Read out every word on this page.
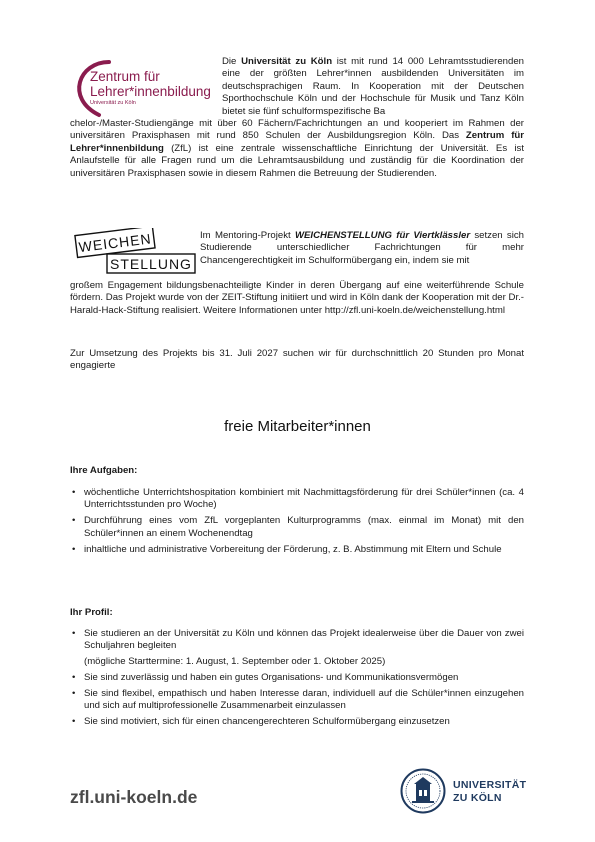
Zentrum für
Lehrer*innenbildung
Universität zu Köln

Die Universität zu Köln ist mit rund 14 000 Lehramtsstudierenden eine der größten Lehrer*innen ausbildenden Universitäten im deutschsprachigen Raum. In Kooperation mit der Deutschen Sporthochschule Köln und der Hochschule für Musik und Tanz Köln bietet sie fünf schulformspezifische Ba

chelor-/Master-Studiengänge mit über 60 Fächern/Fachrichtungen an und kooperiert im Rahmen der universitären Praxisphasen mit rund 850 Schulen der Ausbildungsregion Köln. Das Zentrum für Lehrer*innenbildung (ZfL) ist eine zentrale wissenschaftliche Einrichtung der Universität. Es ist Anlaufstelle für alle Fragen rund um die Lehramtsausbildung und zuständig für die Koordination der universitären Praxisphasen sowie in diesem Rahmen die Betreuung der Studierenden.

WEICHEN
STELLUNG

Im Mentoring-Projekt WEICHENSTELLUNG für Viertklässler setzen sich Studierende unterschiedlicher Fachrichtungen für mehr Chancengerechtigkeit im Schulformübergang ein, indem sie mit

großem Engagement bildungsbenachteiligte Kinder in deren Übergang auf eine weiterführende Schule fördern. Das Projekt wurde von der ZEIT-Stiftung initiiert und wird in Köln dank der Kooperation mit der Dr.-Harald-Hack-Stiftung realisiert. Weitere Informationen unter http://zfl.uni-koeln.de/weichenstellung.html

Zur Umsetzung des Projekts bis 31. Juli 2027 suchen wir für durchschnittlich 20 Stunden pro Monat engagierte

freie Mitarbeiter*innen
Ihre Aufgaben:
• wöchentliche Unterrichtshospitation kombiniert mit Nachmittagsförderung für drei Schüler*innen (ca. 4 Unterrichtsstunden pro Woche)
• Durchführung eines vom ZfL vorgeplanten Kulturprogramms (max. einmal im Monat) mit den Schüler*innen an einem Wochenendtag
• inhaltliche und administrative Vorbereitung der Förderung, z. B. Abstimmung mit Eltern und Schule
Ihr Profil:
• Sie studieren an der Universität zu Köln und können das Projekt idealerweise über die Dauer von zwei Schuljahren begleiten
(mögliche Starttermine: 1. August, 1. September oder 1. Oktober 2025)
• Sie sind zuverlässig und haben ein gutes Organisations- und Kommunikationsvermögen
• Sie sind flexibel, empathisch und haben Interesse daran, individuell auf die Schüler*innen einzugehen und sich auf multiprofessionelle Zusammenarbeit einzulassen
• Sie sind motiviert, sich für einen chancengerechteren Schulformübergang einzusetzen
zfl.uni-koeln.de
UNIVERSITÄT
ZU KÖLN
